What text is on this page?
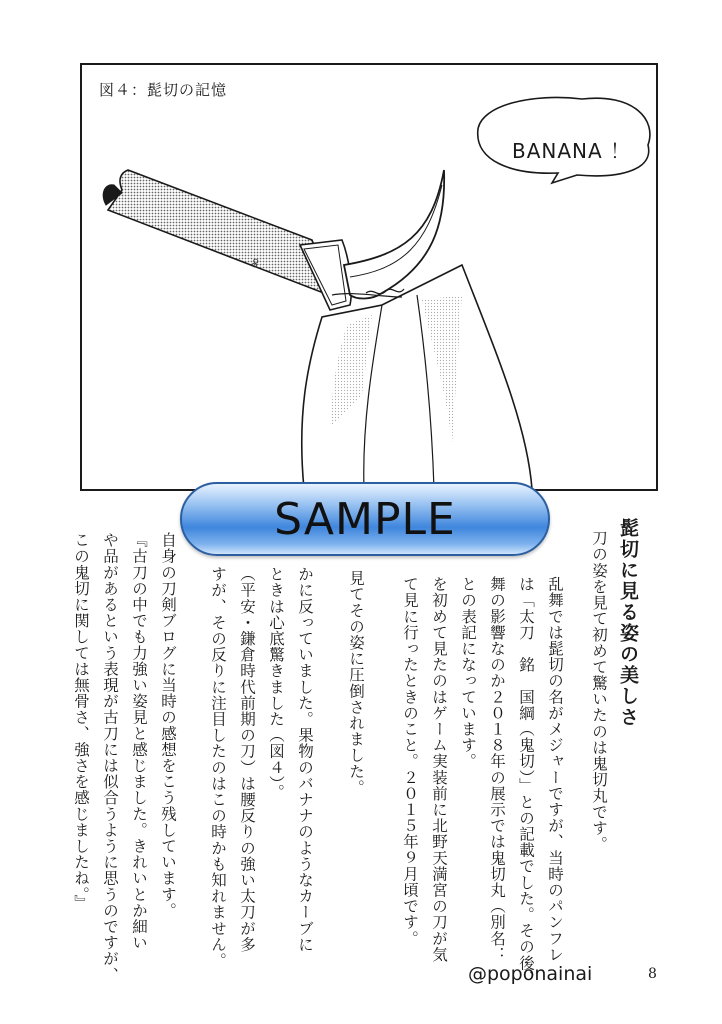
図４：髭切の記憶
∞
BANANA ！
SAMPLE	髭切に見る姿の美しさ
刀の姿を見て初めて驚いたのは鬼切丸です。
乱舞では髭切の名がメジャーですが、当時のパンフレ
は「太刀　銘　国綱（鬼切）」との記載でした。その後、
舞の影響なのか２０１８年の展示では鬼切丸（別名：
との表記になっています。
を初めて見たのはゲーム実装前に北野天満宮の刀が気
て見に行ったときのこと。２０１５年９月頃です。
見てその姿に圧倒されました。
かに反っていました。果物のバナナのようなカーブに
ときは心底驚きました（図４）。
（平安・鎌倉時代前期の刀）は腰反りの強い太刀が多
すが、その反りに注目したのはこの時かも知れません。
自身の刀剣ブログに当時の感想をこう残しています。
『古刀の中でも力強い姿見と感じました。きれいとか細い
や品があるという表現が古刀には似合うように思うのですが、
この鬼切に関しては無骨さ、強さを感じましたね。』
@poponainai	8
